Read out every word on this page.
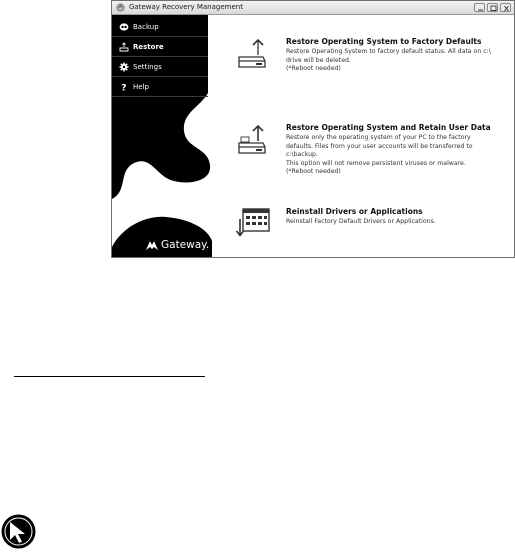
Gateway Recovery Management
Backup
Restore
Settings
? Help
Gateway.
Restore Operating System to Factory Defaults
Restore Operating System to factory default status. All data on c:\
drive will be deleted.
(*Reboot needed)
Restore Operating System and Retain User Data
Restore only the operating system of your PC to the factory
defaults. Files from your user accounts will be transferred to
c:\backup.
This option will not remove persistent viruses or malware.
(*Reboot needed)
Reinstall Drivers or Applications
Reinstall Factory Default Drivers or Applications.
